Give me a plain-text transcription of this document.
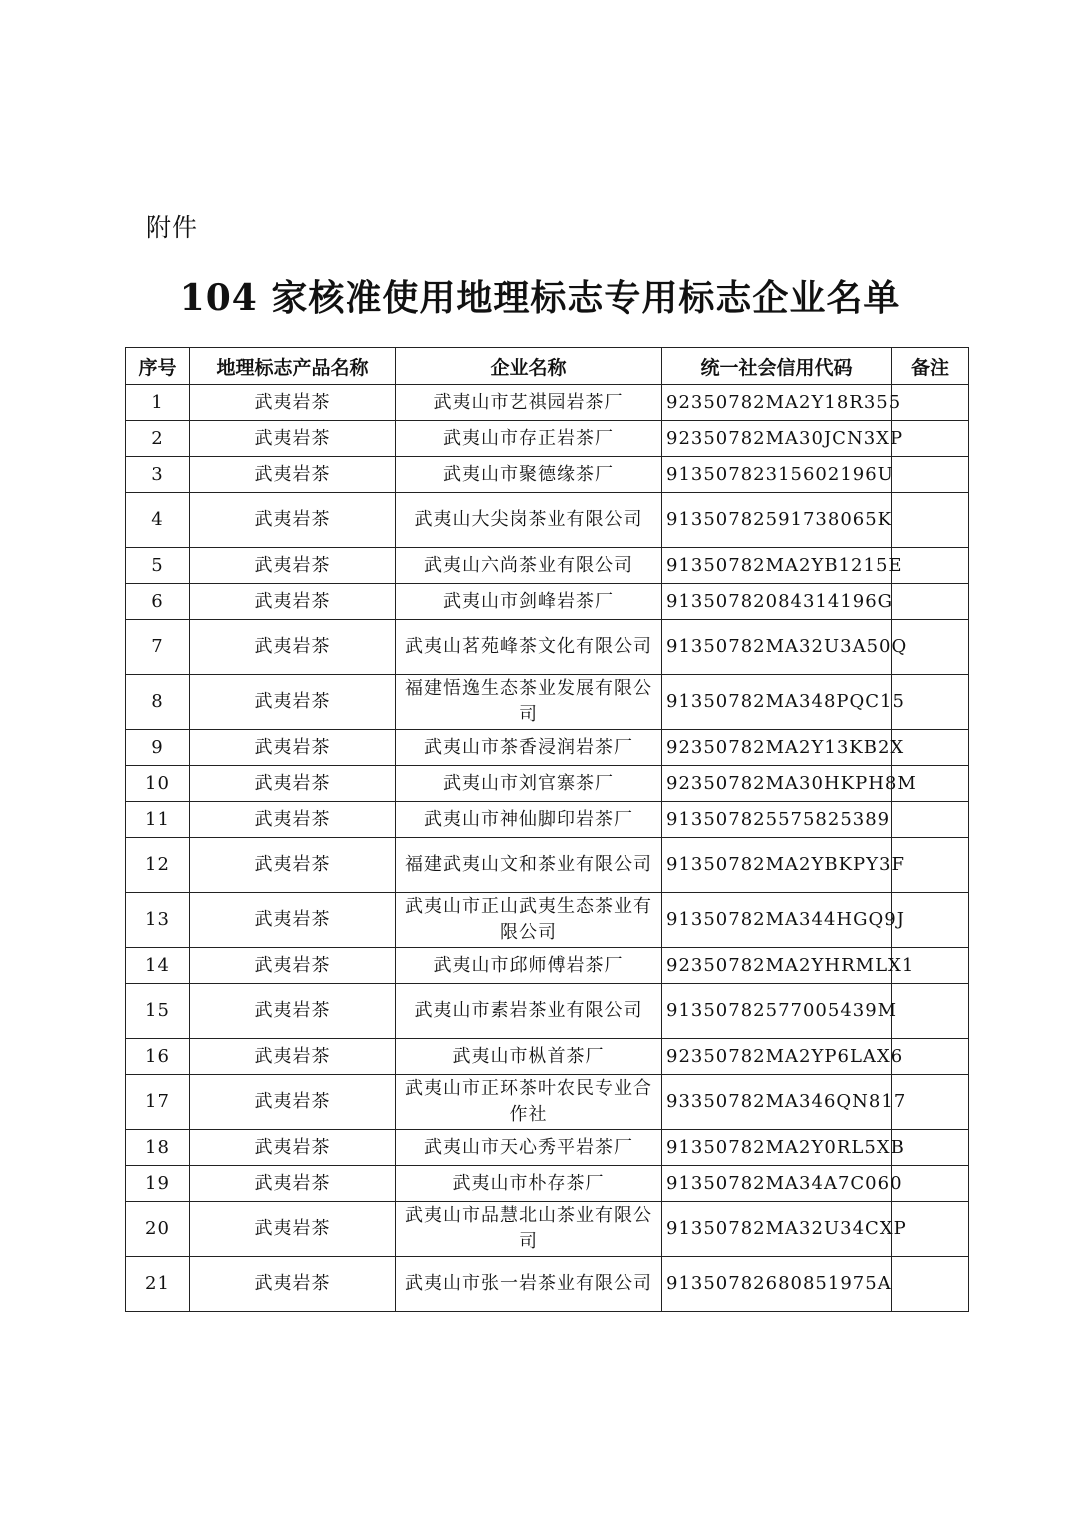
附件
104 家核准使用地理标志专用标志企业名单
序号	地理标志产品名称	企业名称	统一社会信用代码	备注
1	武夷岩茶	武夷山市艺祺园岩茶厂	92350782MA2Y18R355	
2	武夷岩茶	武夷山市存正岩茶厂	92350782MA30JCN3XP	
3	武夷岩茶	武夷山市聚德缘茶厂	91350782315602196U	
4	武夷岩茶	武夷山大尖岗茶业有限公司	91350782591738065K	
5	武夷岩茶	武夷山六尚茶业有限公司	91350782MA2YB1215E	
6	武夷岩茶	武夷山市剑峰岩茶厂	91350782084314196G	
7	武夷岩茶	武夷山茗苑峰茶文化有限公司	91350782MA32U3A50Q	
8	武夷岩茶	福建悟逸生态茶业发展有限公司	91350782MA348PQC15	
9	武夷岩茶	武夷山市茶香浸润岩茶厂	92350782MA2Y13KB2X	
10	武夷岩茶	武夷山市刘官寨茶厂	92350782MA30HKPH8M	
11	武夷岩茶	武夷山市神仙脚印岩茶厂	913507825575825389	
12	武夷岩茶	福建武夷山文和茶业有限公司	91350782MA2YBKPY3F	
13	武夷岩茶	武夷山市正山武夷生态茶业有限公司	91350782MA344HGQ9J	
14	武夷岩茶	武夷山市邱师傅岩茶厂	92350782MA2YHRMLX1	
15	武夷岩茶	武夷山市素岩茶业有限公司	91350782577005439M	
16	武夷岩茶	武夷山市枞首茶厂	92350782MA2YP6LAX6	
17	武夷岩茶	武夷山市正环茶叶农民专业合作社	93350782MA346QN817	
18	武夷岩茶	武夷山市天心秀平岩茶厂	91350782MA2Y0RL5XB	
19	武夷岩茶	武夷山市朴存茶厂	91350782MA34A7C060	
20	武夷岩茶	武夷山市品慧北山茶业有限公司	91350782MA32U34CXP	
21	武夷岩茶	武夷山市张一岩茶业有限公司	91350782680851975A	
